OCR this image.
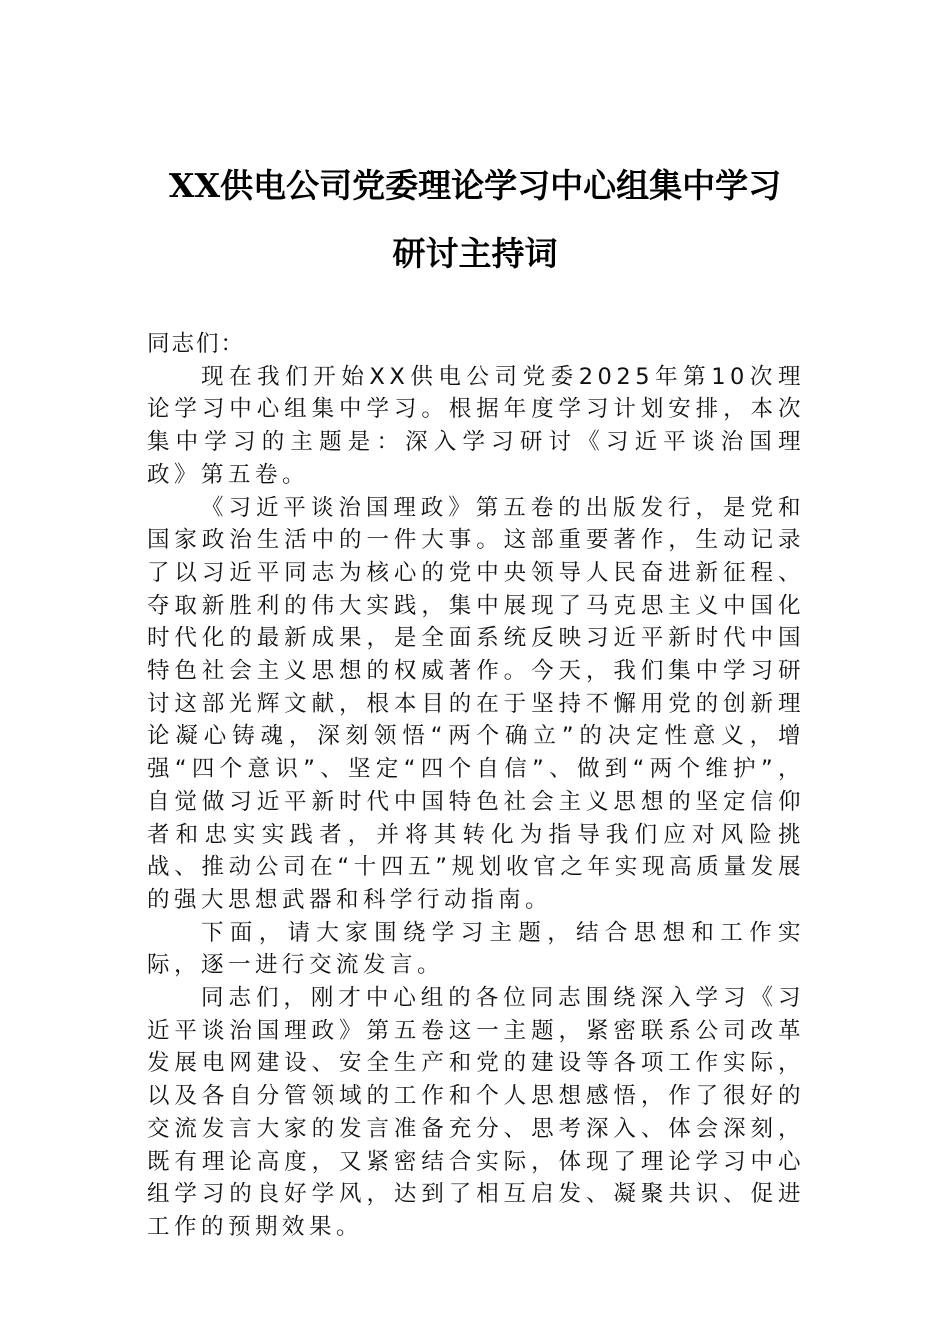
XX供电公司党委理论学习中心组集中学习
研讨主持词

同志们：

现在我们开始XX供电公司党委2025年第10次理论学习中心组集中学习。根据年度学习计划安排，本次集中学习的主题是：深入学习研讨《习近平谈治国理政》第五卷。

《习近平谈治国理政》第五卷的出版发行，是党和国家政治生活中的一件大事。这部重要著作，生动记录了以习近平同志为核心的党中央领导人民奋进新征程、夺取新胜利的伟大实践，集中展现了马克思主义中国化时代化的最新成果，是全面系统反映习近平新时代中国特色社会主义思想的权威著作。今天，我们集中学习研讨这部光辉文献，根本目的在于坚持不懈用党的创新理论凝心铸魂，深刻领悟“两个确立”的决定性意义，增强“四个意识”、坚定“四个自信”、做到“两个维护”，自觉做习近平新时代中国特色社会主义思想的坚定信仰者和忠实实践者，并将其转化为指导我们应对风险挑战、推动公司在“十四五”规划收官之年实现高质量发展的强大思想武器和科学行动指南。

下面，请大家围绕学习主题，结合思想和工作实际，逐一进行交流发言。

同志们，刚才中心组的各位同志围绕深入学习《习近平谈治国理政》第五卷这一主题，紧密联系公司改革发展电网建设、安全生产和党的建设等各项工作实际，以及各自分管领域的工作和个人思想感悟，作了很好的交流发言大家的发言准备充分、思考深入、体会深刻，既有理论高度，又紧密结合实际，体现了理论学习中心组学习的良好学风，达到了相互启发、凝聚共识、促进工作的预期效果。
